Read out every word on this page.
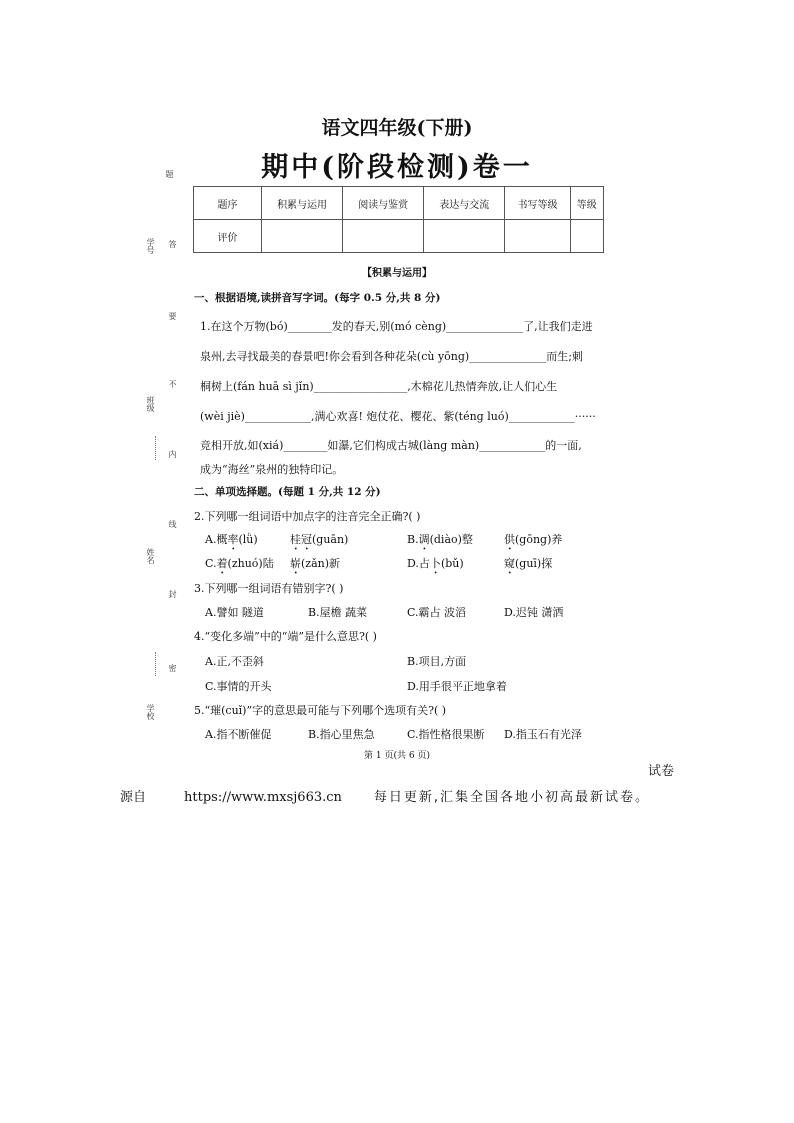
语文四年级(下册)
期中(阶段检测)卷一
题
答
学号
要
不
班级
内
线
姓名
封
密
学校
题序	积累与运用	阅读与鉴赏	表达与交流	书写等级	等级
评价					
【积累与运用】
一、根据语境,读拼音写字词。(每字 0.5 分,共 8 分)
1.在这个万物(bó)________发的春天,别(mó cèng)______________了,让我们走进
泉州,去寻找最美的春景吧!你会看到各种花朵(cù yōng)______________而生;刺
桐树上(fán huā sì jǐn)_________________,木棉花儿热情奔放,让人们心生
(wèi jiè)____________,满心欢喜! 炮仗花、樱花、紫(téng luó)____________······
竞相开放,如(xiá)________如瀑,它们构成古城(làng màn)____________的一面,
成为“海丝”泉州的独特印记。
二、单项选择题。(每题 1 分,共 12 分)
2.下列哪一组词语中加点字的注音完全正确?( )
A.概率(lǜ)	桂冠(guān)	B.调(diào)整	供(gōng)养
C.着(zhuó)陆 崭(zǎn)新	D.占卜(bǔ)	窥(guī)探
3.下列哪一组词语有错别字?( )
A.譬如 隧道	B.屋檐 蔬菜	C.霸占 波滔	D.迟钝 潇洒
4.“变化多端”中的“端”是什么意思?( )
A.正,不歪斜	B.项目,方面
C.事情的开头	D.用手很平正地拿着
5.“璀(cuǐ)”字的意思最可能与下列哪个选项有关?( )
A.指不断催促	B.指心里焦急	C.指性格很果断 D.指玉石有光泽
第 1 页(共 6 页)
试卷
源自	https://www.mxsj663.cn 每日更新,汇集全国各地小初高最新试卷。
